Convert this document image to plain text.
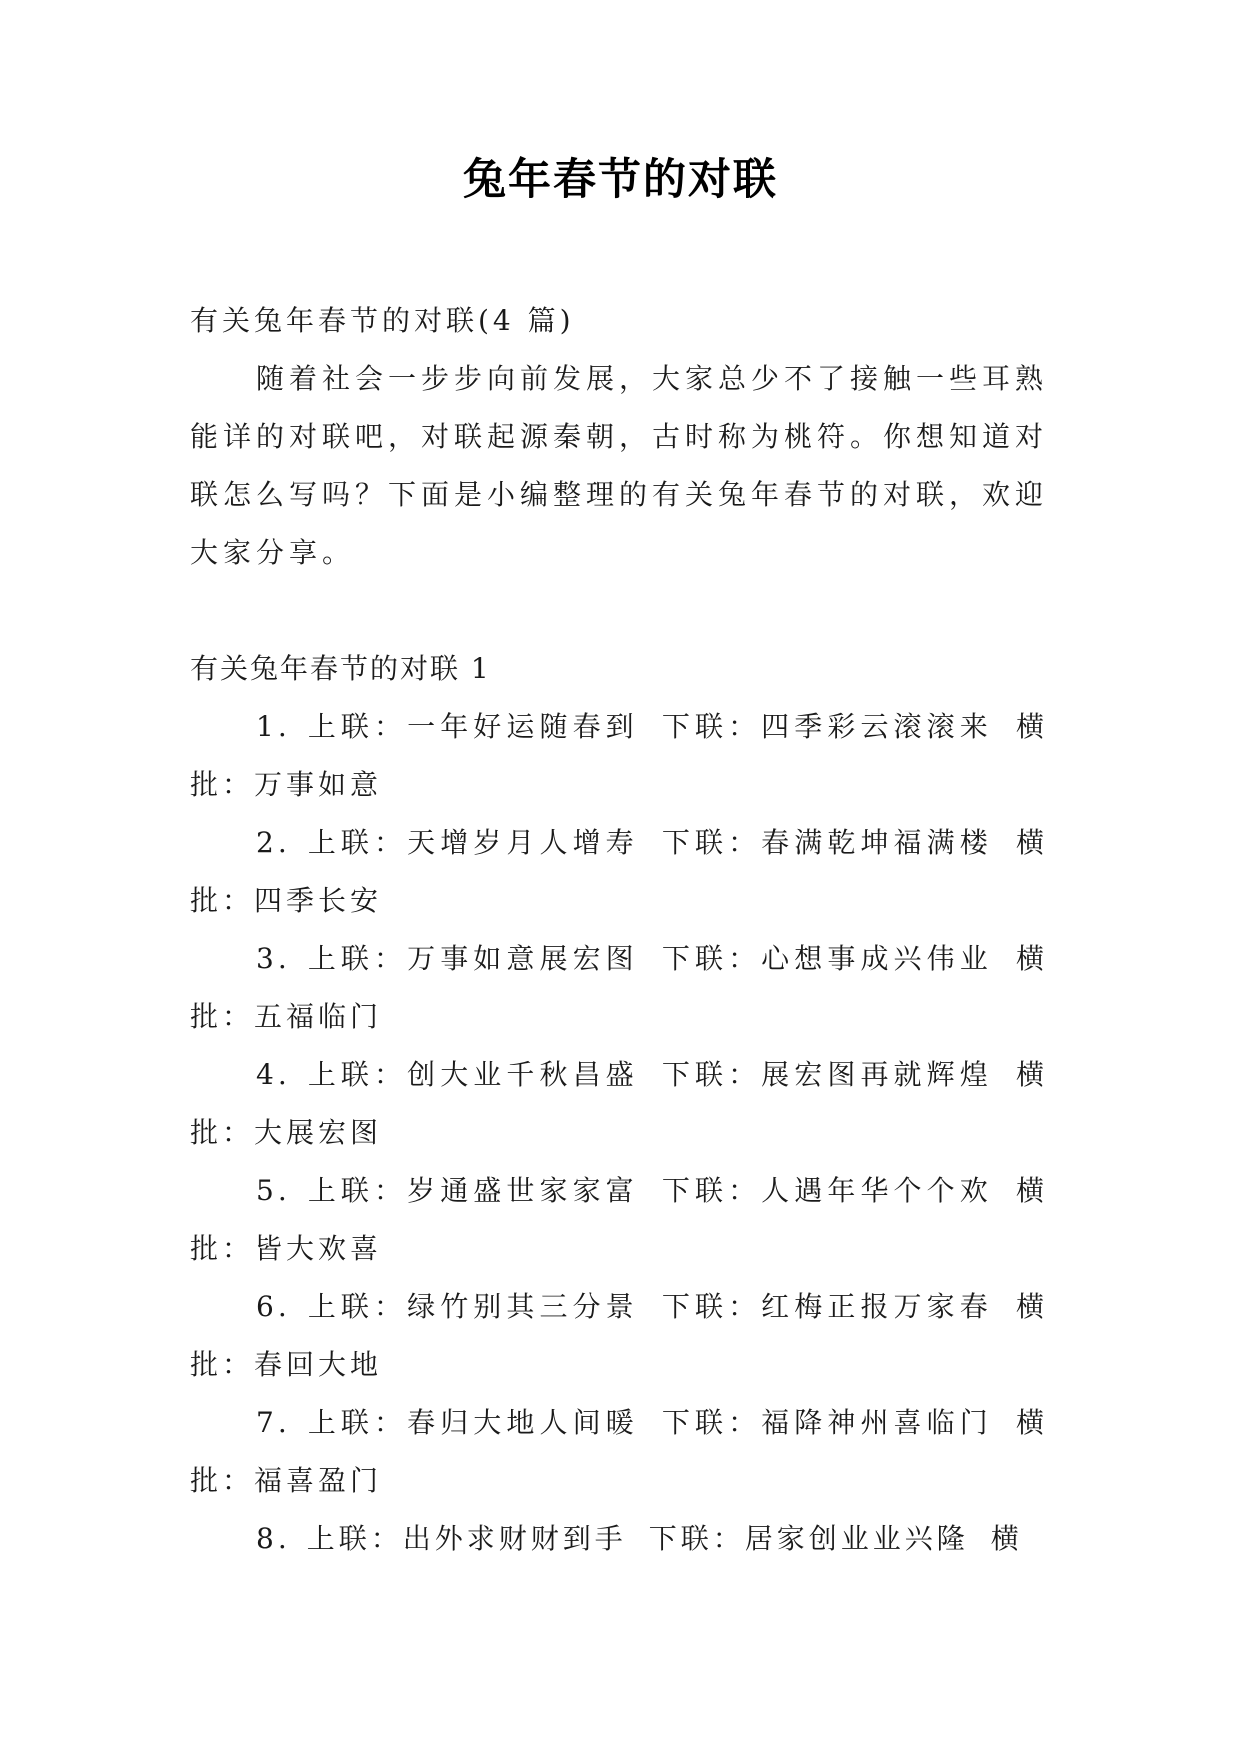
兔年春节的对联

有关兔年春节的对联(4 篇)

随着社会一步步向前发展，大家总少不了接触一些耳熟能详的对联吧，对联起源秦朝，古时称为桃符。你想知道对联怎么写吗？下面是小编整理的有关兔年春节的对联，欢迎大家分享。

有关兔年春节的对联 1

1. 上联：一年好运随春到 下联：四季彩云滚滚来 横批：万事如意

2. 上联：天增岁月人增寿 下联：春满乾坤福满楼 横批：四季长安

3. 上联：万事如意展宏图 下联：心想事成兴伟业 横批：五福临门

4. 上联：创大业千秋昌盛 下联：展宏图再就辉煌 横批：大展宏图

5. 上联：岁通盛世家家富 下联：人遇年华个个欢 横批：皆大欢喜

6. 上联：绿竹别其三分景 下联：红梅正报万家春 横批：春回大地

7. 上联：春归大地人间暖 下联：福降神州喜临门 横批：福喜盈门

8. 上联：出外求财财到手 下联：居家创业业兴隆 横
